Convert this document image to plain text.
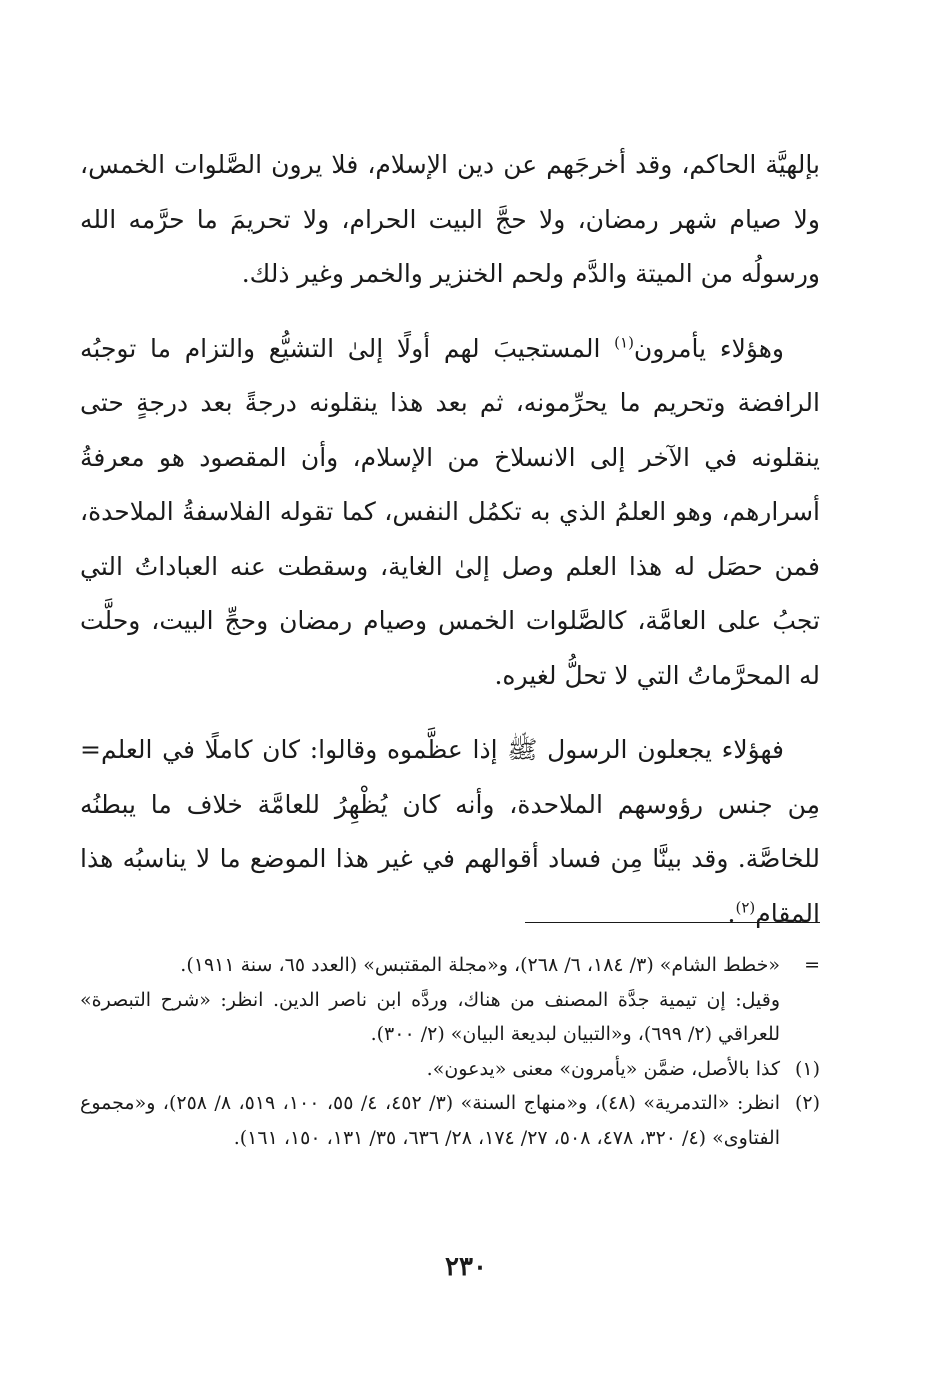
بإلهيَّة الحاكم، وقد أخرجَهم عن دين الإسلام، فلا يرون الصَّلوات الخمس، ولا صيام شهر رمضان، ولا حجَّ البيت الحرام، ولا تحريمَ ما حرَّمه الله ورسولُه من الميتة والدَّم ولحم الخنزير والخمر وغير ذلك.

وهؤلاء يأمرون$^{(١)}$ المستجيبَ لهم أولًا إلىٰ التشيُّع والتزام ما توجبُه الرافضة وتحريم ما يحرِّمونه، ثم بعد هذا ينقلونه درجةً بعد درجةٍ حتى ينقلونه في الآخر إلى الانسلاخ من الإسلام، وأن المقصود هو معرفةُ أسرارهم، وهو العلمُ الذي به تكمُل النفس، كما تقوله الفلاسفةُ الملاحدة، فمن حصَل له هذا العلم وصل إلىٰ الغاية، وسقطت عنه العباداتُ التي تجبُ على العامَّة، كالصَّلوات الخمس وصيام رمضان وحجِّ البيت، وحلَّت له المحرَّماتُ التي لا تحلُّ لغيره.

فهؤلاء يجعلون الرسول ﷺ إذا عظَّموه وقالوا: كان كاملًا في العلم= مِن جنس رؤوسهم الملاحدة، وأنه كان يُظْهِرُ للعامَّة خلاف ما يبطنُه للخاصَّة. وقد بينَّا مِن فساد أقوالهم في غير هذا الموضع ما لا يناسبُه هذا المقام$^{(٢)}$.

=
«خطط الشام» (٣/ ١٨٤، ٦/ ٢٦٨)، و«مجلة المقتبس» (العدد ٦٥، سنة ١٩١١).

وقيل: إن تيمية جدَّة المصنف من هناك، وردَّه ابن ناصر الدين. انظر: «شرح التبصرة» للعراقي (٢/ ٦٩٩)، و«التبيان لبديعة البيان» (٢/ ٣٠٠).

(١)
كذا بالأصل، ضمَّن «يأمرون» معنى «يدعون».

(٢)
انظر: «التدمرية» (٤٨)، و«منهاج السنة» (٣/ ٤٥٢، ٤/ ٥٥، ١٠٠، ٥١٩، ٨/ ٢٥٨)، و«مجموع الفتاوى» (٤/ ٣٢٠، ٤٧٨، ٥٠٨، ٢٧/ ١٧٤، ٢٨/ ٦٣٦، ٣٥/ ١٣١، ١٥٠، ١٦١).

٢٣٠
